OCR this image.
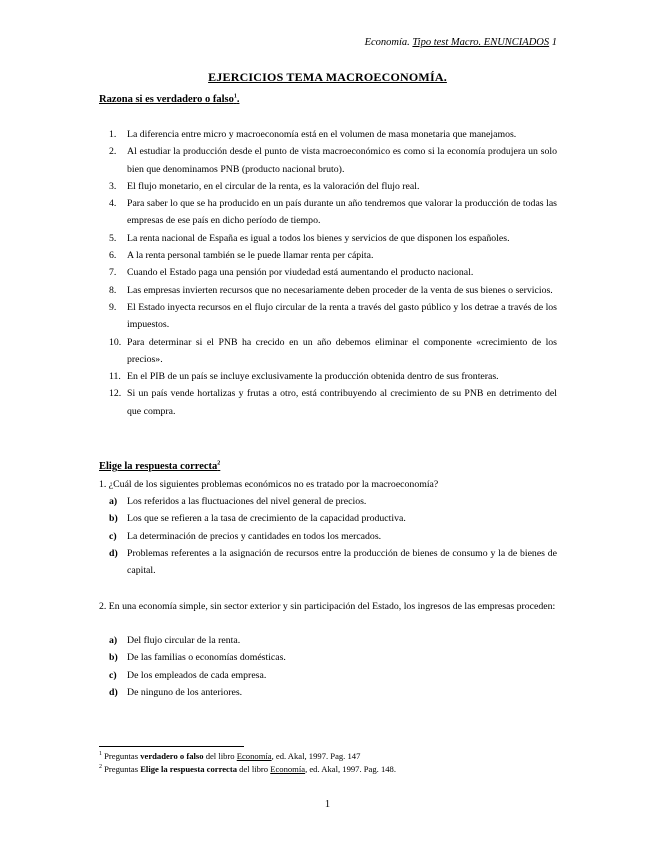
Economía. Tipo test Macro. ENUNCIADOS 1
EJERCICIOS TEMA MACROECONOMÍA.
Razona si es verdadero o falso$^1$.
1. La diferencia entre micro y macroeconomía está en el volumen de masa monetaria que manejamos.
2. Al estudiar la producción desde el punto de vista macroeconómico es como si la economía produjera un solo bien que denominamos PNB (producto nacional bruto).
3. El flujo monetario, en el circular de la renta, es la valoración del flujo real.
4. Para saber lo que se ha producido en un país durante un año tendremos que valorar la producción de todas las empresas de ese país en dicho período de tiempo.
5. La renta nacional de España es igual a todos los bienes y servicios de que disponen los españoles.
6. A la renta personal también se le puede llamar renta per cápita.
7. Cuando el Estado paga una pensión por viudedad está aumentando el producto nacional.
8. Las empresas invierten recursos que no necesariamente deben proceder de la venta de sus bienes o servicios.
9. El Estado inyecta recursos en el flujo circular de la renta a través del gasto público y los detrae a través de los impuestos.
10. Para determinar si el PNB ha crecido en un año debemos eliminar el componente «crecimiento de los precios».
11. En el PIB de un país se incluye exclusivamente la producción obtenida dentro de sus fronteras.
12. Si un país vende hortalizas y frutas a otro, está contribuyendo al crecimiento de su PNB en detrimento del que compra.
Elige la respuesta correcta$^2$
1. ¿Cuál de los siguientes problemas económicos no es tratado por la macroeconomía?
a) Los referidos a las fluctuaciones del nivel general de precios.
b) Los que se refieren a la tasa de crecimiento de la capacidad productiva.
c) La determinación de precios y cantidades en todos los mercados.
d) Problemas referentes a la asignación de recursos entre la producción de bienes de consumo y la de bienes de capital.
2. En una economía simple, sin sector exterior y sin participación del Estado, los ingresos de las empresas proceden:
a) Del flujo circular de la renta.
b) De las familias o economías domésticas.
c) De los empleados de cada empresa.
d) De ninguno de los anteriores.
$^1$ Preguntas verdadero o falso del libro Economía, ed. Akal, 1997. Pag. 147
$^2$ Preguntas Elige la respuesta correcta del libro Economía, ed. Akal, 1997. Pag. 148.
1
